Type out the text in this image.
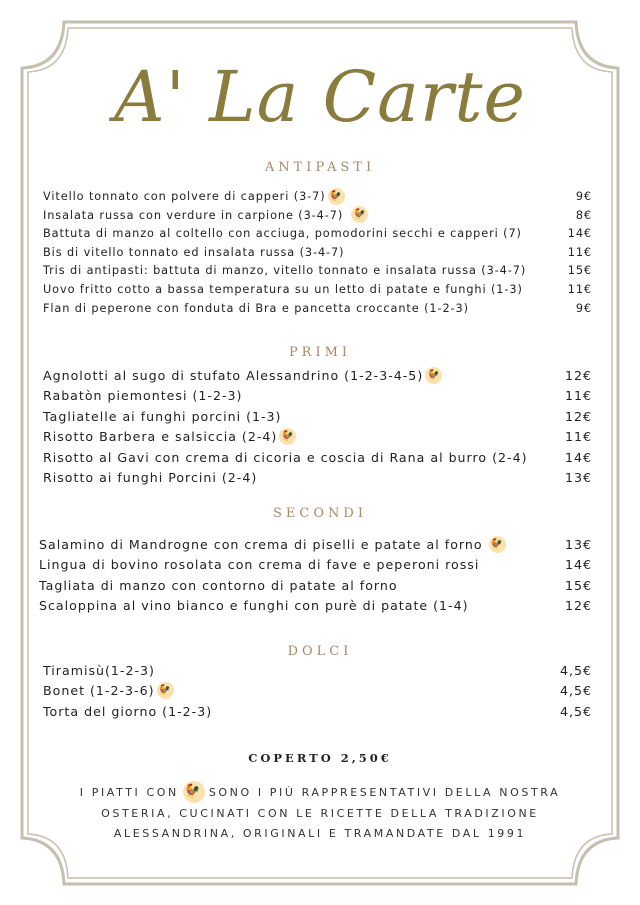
A' La Carte
ANTIPASTI
Vitello tonnato con polvere di capperi (3-7) 🐓	9€
Insalata russa con verdure in carpione (3-4-7) 🐓	8€
Battuta di manzo al coltello con acciuga, pomodorini secchi e capperi (7)	14€
Bis di vitello tonnato ed insalata russa (3-4-7)	11€
Tris di antipasti: battuta di manzo, vitello tonnato e insalata russa (3-4-7)	15€
Uovo fritto cotto a bassa temperatura su un letto di patate e funghi (1-3)	11€
Flan di peperone con fonduta di Bra e pancetta croccante (1-2-3)	9€
PRIMI
Agnolotti al sugo di stufato Alessandrino (1-2-3-4-5) 🐓	12€
Rabatòn piemontesi (1-2-3)	11€
Tagliatelle ai funghi porcini (1-3)	12€
Risotto Barbera e salsiccia (2-4) 🐓	11€
Risotto al Gavi con crema di cicoria e coscia di Rana al burro (2-4)	14€
Risotto ai funghi Porcini (2-4)	13€
SECONDI
Salamino di Mandrogne con crema di piselli e patate al forno 🐓	13€
Lingua di bovino rosolata con crema di fave e peperoni rossi	14€
Tagliata di manzo con contorno di patate al forno	15€
Scaloppina al vino bianco e funghi con purè di patate (1-4)	12€
DOLCI
Tiramisù(1-2-3)	4,5€
Bonet (1-2-3-6) 🐓	4,5€
Torta del giorno (1-2-3)	4,5€
COPERTO 2,50€
I PIATTI CON 🐓 SONO I PIÙ RAPPRESENTATIVI DELLA NOSTRA
OSTERIA, CUCINATI CON LE RICETTE DELLA TRADIZIONE
ALESSANDRINA, ORIGINALI E TRAMANDATE DAL 1991
